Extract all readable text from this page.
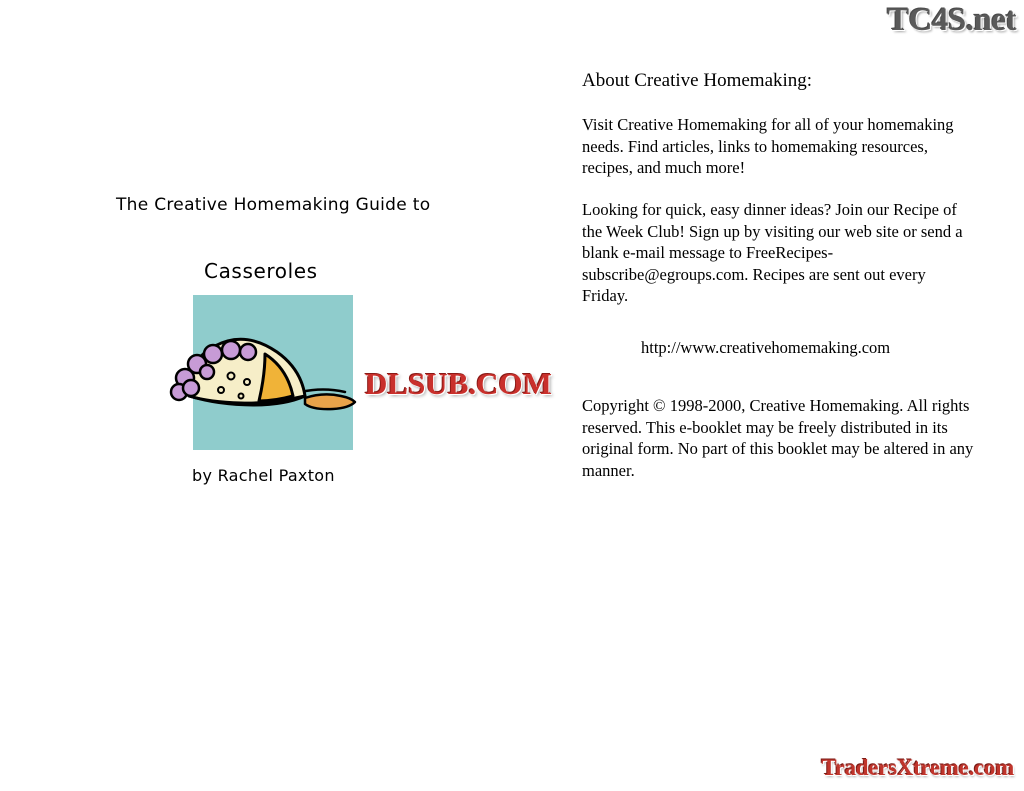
The Creative Homemaking Guide to
Casseroles
by Rachel Paxton
About Creative Homemaking:
Visit Creative Homemaking for all of your homemaking needs. Find articles, links to homemaking resources, recipes, and much more!
Looking for quick, easy dinner ideas? Join our Recipe of the Week Club! Sign up by visiting our web site or send a blank e-mail message to FreeRecipes-subscribe@egroups.com. Recipes are sent out every Friday.
http://www.creativehomemaking.com
Copyright © 1998-2000, Creative Homemaking. All rights reserved. This e-booklet may be freely distributed in its original form. No part of this booklet may be altered in any manner.
TC4S.net
DLSUB.COM
TradersXtreme.com
